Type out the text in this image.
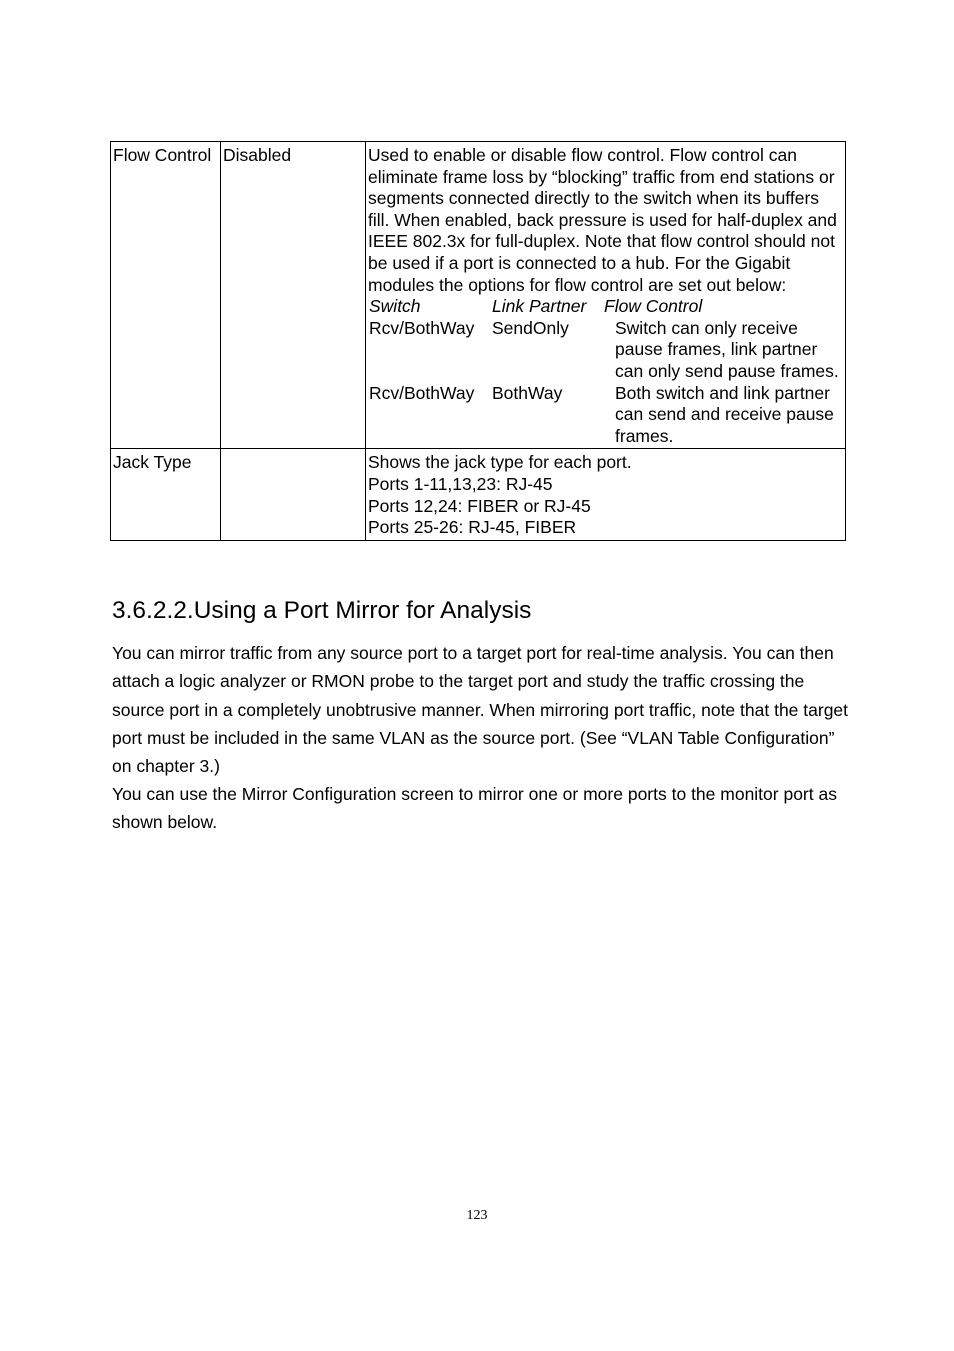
Flow Control	Disabled	Used to enable or disable flow control. Flow control can eliminate frame loss by “blocking” traffic from end stations or segments connected directly to the switch when its buffers fill. When enabled, back pressure is used for half-duplex and IEEE 802.3x for full-duplex. Note that flow control should not be used if a port is connected to a hub. For the Gigabit modules the options for flow control are set out below:
Switch	Link Partner	Flow Control
Rcv/BothWay	SendOnly	Switch can only receive pause frames, link partner can only send pause frames.
Rcv/BothWay	BothWay	Both switch and link partner can send and receive pause frames.

Jack Type		Shows the jack type for each port.
Ports 1-11,13,23: RJ-45
Ports 12,24: FIBER or RJ-45
Ports 25-26: RJ-45, FIBER
3.6.2.2.Using a Port Mirror for Analysis

You can mirror traffic from any source port to a target port for real-time analysis. You can then attach a logic analyzer or RMON probe to the target port and study the traffic crossing the source port in a completely unobtrusive manner. When mirroring port traffic, note that the target port must be included in the same VLAN as the source port. (See “VLAN Table Configuration” on chapter 3.)

You can use the Mirror Configuration screen to mirror one or more ports to the monitor port as shown below.

123
